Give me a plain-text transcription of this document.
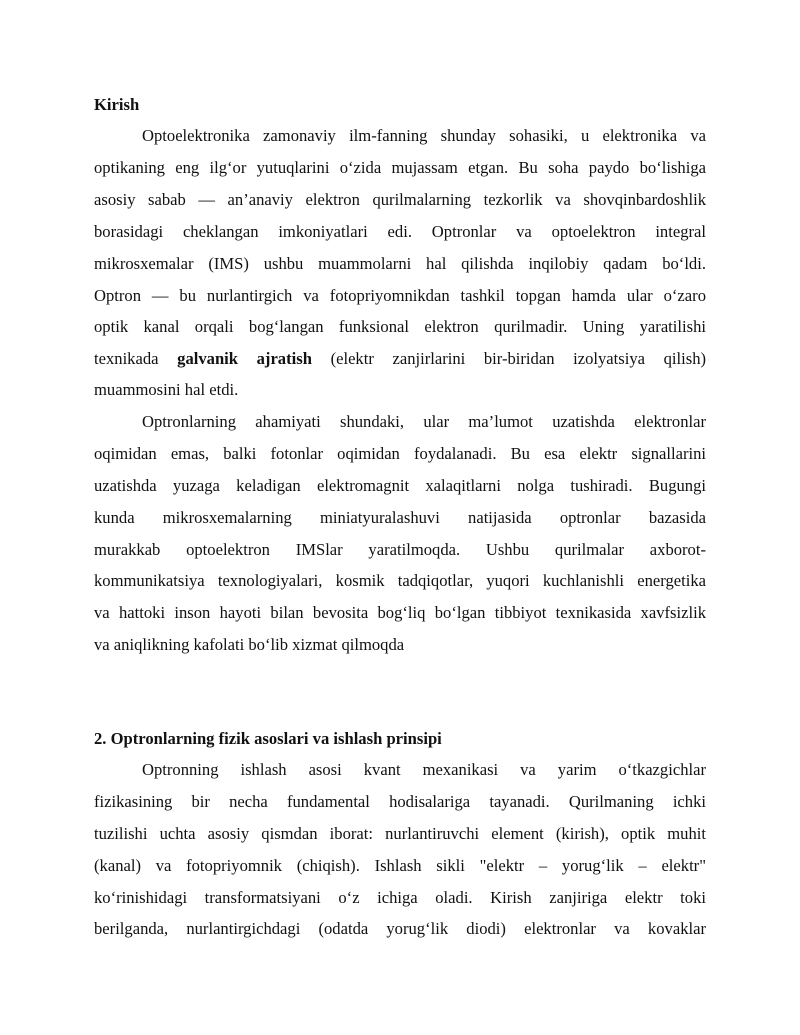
Kirish
Optoelektronika zamonaviy ilm-fanning shunday sohasiki, u elektronika va
optikaning eng ilg‘or yutuqlarini o‘zida mujassam etgan. Bu soha paydo bo‘lishiga
asosiy sabab — an’anaviy elektron qurilmalarning tezkorlik va shovqinbardoshlik
borasidagi cheklangan imkoniyatlari edi. Optronlar va optoelektron integral
mikrosxemalar (IMS) ushbu muammolarni hal qilishda inqilobiy qadam bo‘ldi.
Optron — bu nurlantirgich va fotopriyomnikdan tashkil topgan hamda ular o‘zaro
optik kanal orqali bog‘langan funksional elektron qurilmadir. Uning yaratilishi
texnikada galvanik ajratish (elektr zanjirlarini bir-biridan izolyatsiya qilish)
muammosini hal etdi.
Optronlarning ahamiyati shundaki, ular ma’lumot uzatishda elektronlar
oqimidan emas, balki fotonlar oqimidan foydalanadi. Bu esa elektr signallarini
uzatishda yuzaga keladigan elektromagnit xalaqitlarni nolga tushiradi. Bugungi
kunda mikrosxemalarning miniatyuralashuvi natijasida optronlar bazasida
murakkab optoelektron IMSlar yaratilmoqda. Ushbu qurilmalar axborot-
kommunikatsiya texnologiyalari, kosmik tadqiqotlar, yuqori kuchlanishli energetika
va hattoki inson hayoti bilan bevosita bog‘liq bo‘lgan tibbiyot texnikasida xavfsizlik
va aniqlikning kafolati bo‘lib xizmat qilmoqda
2. Optronlarning fizik asoslari va ishlash prinsipi
Optronning ishlash asosi kvant mexanikasi va yarim o‘tkazgichlar
fizikasining bir necha fundamental hodisalariga tayanadi. Qurilmaning ichki
tuzilishi uchta asosiy qismdan iborat: nurlantiruvchi element (kirish), optik muhit
(kanal) va fotopriyomnik (chiqish). Ishlash sikli "elektr – yorug‘lik – elektr"
ko‘rinishidagi transformatsiyani o‘z ichiga oladi. Kirish zanjiriga elektr toki
berilganda, nurlantirgichdagi (odatda yorug‘lik diodi) elektronlar va kovaklar
